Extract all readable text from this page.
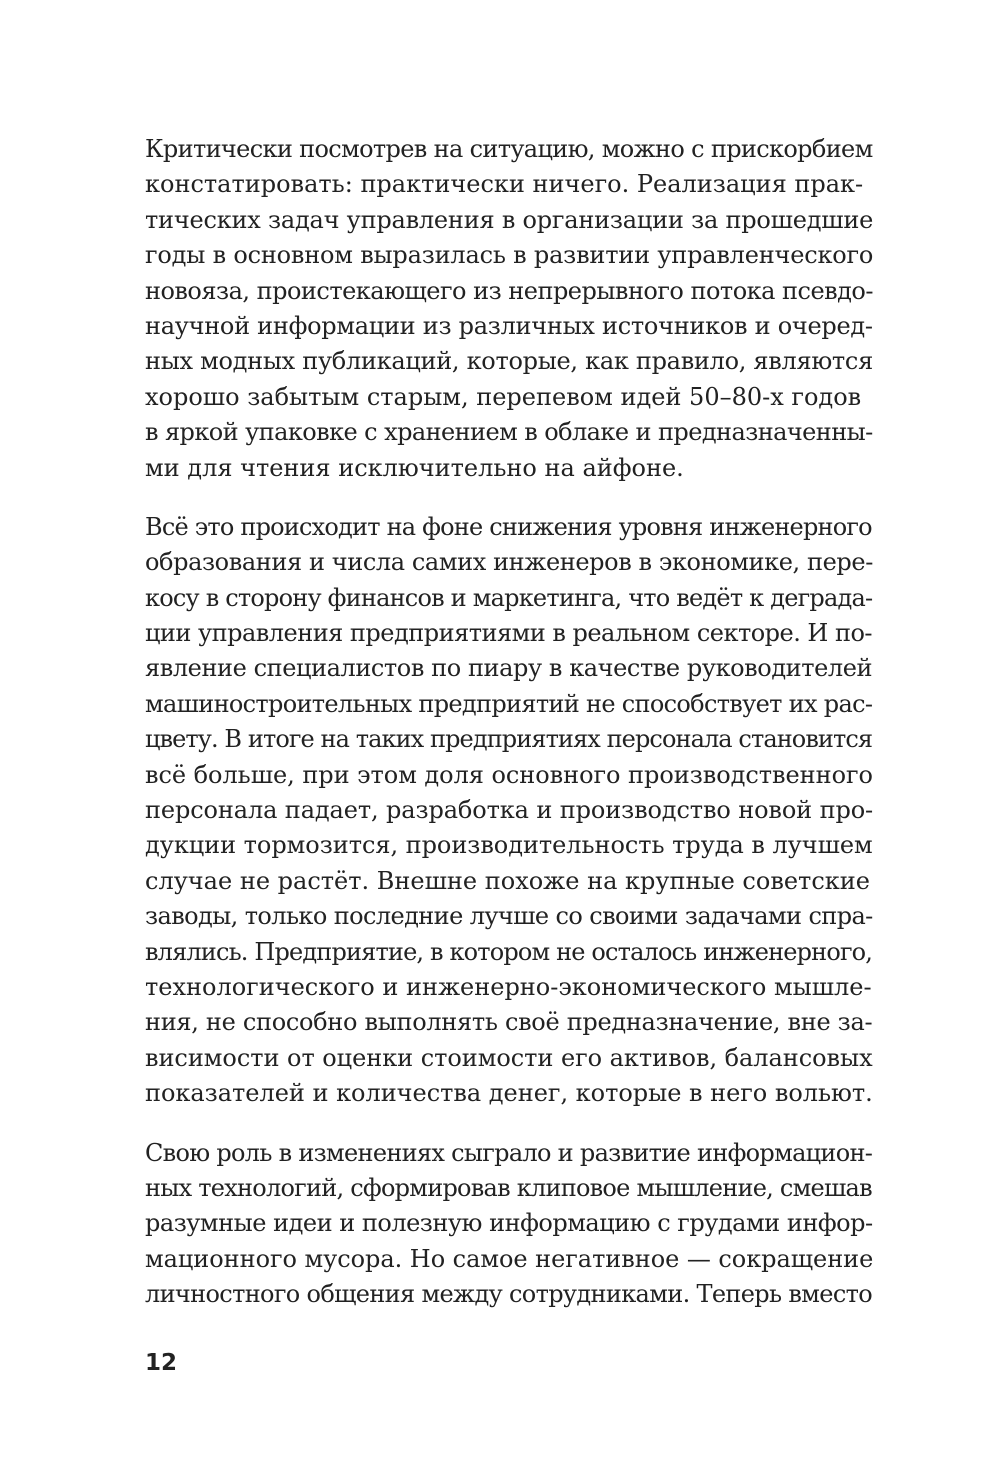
Критически посмотрев на ситуацию, можно с прискорбием
констатировать: практически ничего. Реализация прак-
тических задач управления в организации за прошедшие
годы в основном выразилась в развитии управленческого
новояза, проистекающего из непрерывного потока псевдо-
научной информации из различных источников и очеред-
ных модных публикаций, которые, как правило, являются
хорошо забытым старым, перепевом идей 50–80-х годов
в яркой упаковке с хранением в облаке и предназначенны-
ми для чтения исключительно на айфоне.

Всё это происходит на фоне снижения уровня инженерного
образования и числа самих инженеров в экономике, пере-
косу в сторону финансов и маркетинга, что ведёт к деграда-
ции управления предприятиями в реальном секторе. И по-
явление специалистов по пиару в качестве руководителей
машиностроительных предприятий не способствует их рас-
цвету. В итоге на таких предприятиях персонала становится
всё больше, при этом доля основного производственного
персонала падает, разработка и производство новой про-
дукции тормозится, производительность труда в лучшем
случае не растёт. Внешне похоже на крупные советские
заводы, только последние лучше со своими задачами спра-
влялись. Предприятие, в котором не осталось инженерного,
технологического и инженерно-экономического мышле-
ния, не способно выполнять своё предназначение, вне за-
висимости от оценки стоимости его активов, балансовых
показателей и количества денег, которые в него вольют.

Свою роль в изменениях сыграло и развитие информацион-
ных технологий, сформировав клиповое мышление, смешав
разумные идеи и полезную информацию с грудами инфор-
мационного мусора. Но самое негативное — сокращение
личностного общения между сотрудниками. Теперь вместо

12
